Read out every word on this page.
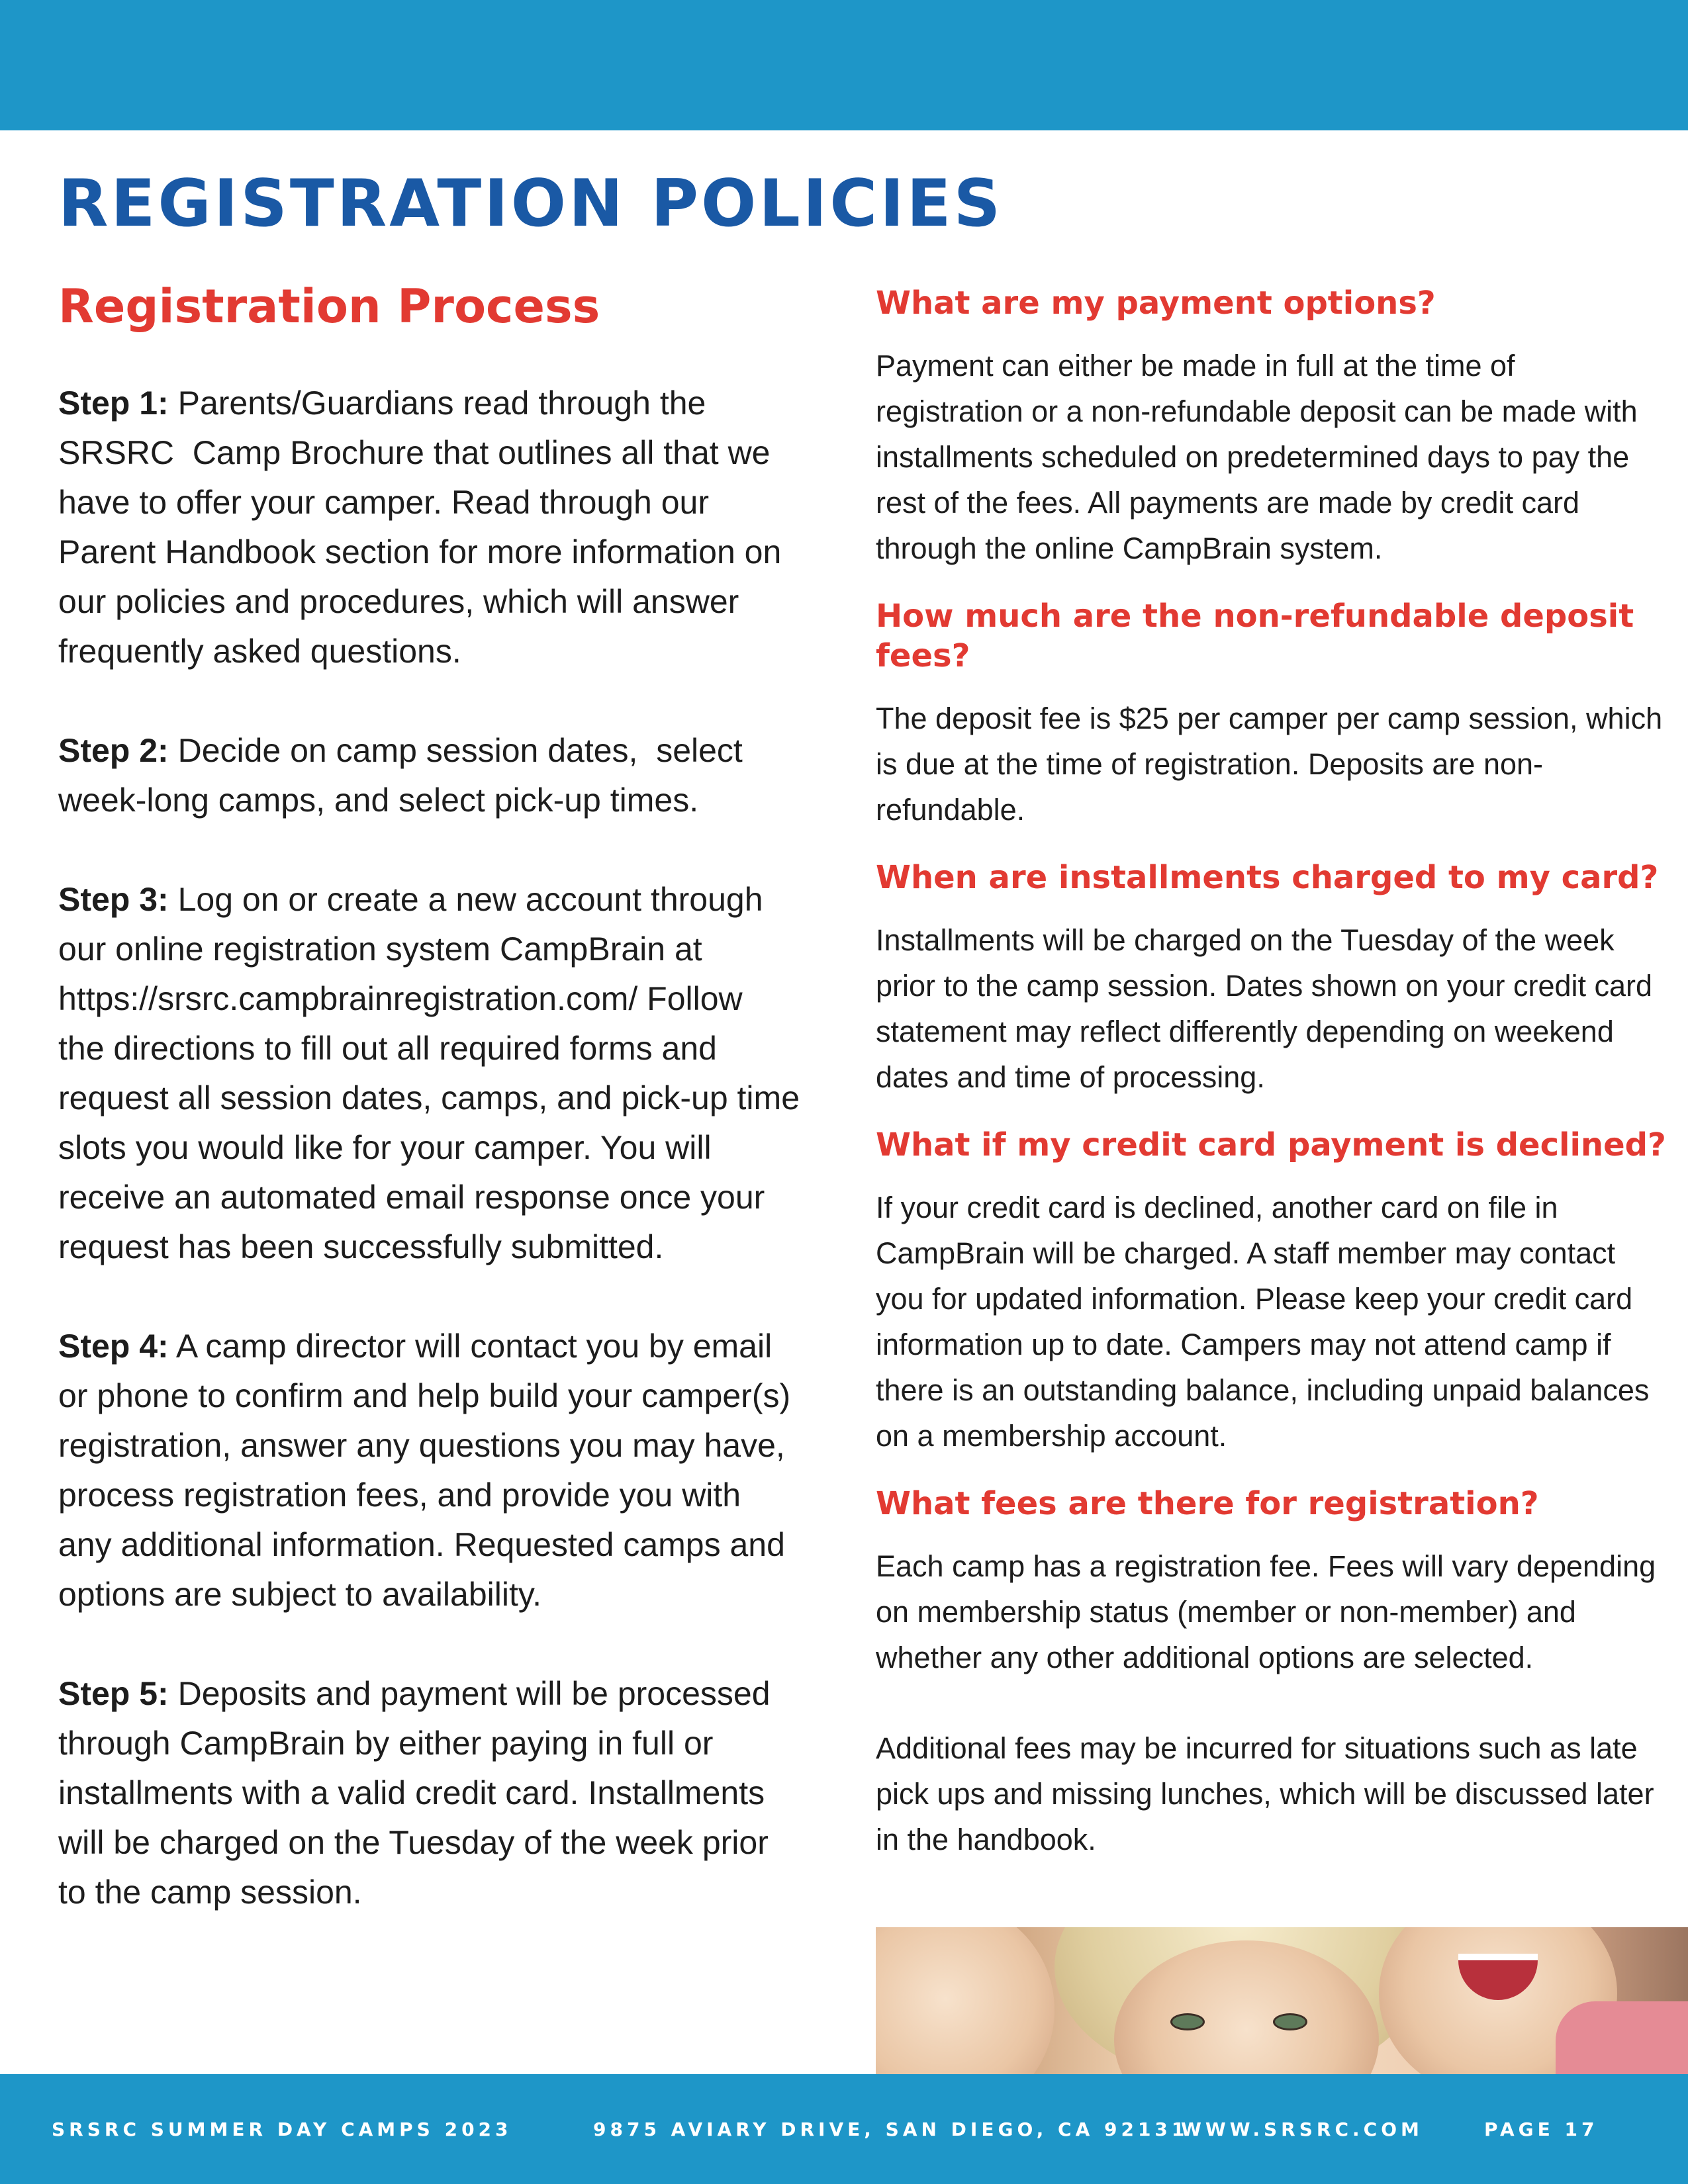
REGISTRATION POLICIES
Registration Process

Step 1: Parents/Guardians read through the SRSRC  Camp Brochure that outlines all that we have to offer your camper. Read through our Parent Handbook section for more information on our policies and procedures, which will answer frequently asked questions.

Step 2: Decide on camp session dates,  select week-long camps, and select pick-up times.

Step 3: Log on or create a new account through our online registration system CampBrain at https://srsrc.campbrainregistration.com/ Follow  the directions to fill out all required forms and request all session dates, camps, and pick-up time slots you would like for your camper. You will receive an automated email response once your request has been successfully submitted.

Step 4: A camp director will contact you by email or phone to confirm and help build your camper(s) registration, answer any questions you may have, process registration fees, and provide you with any additional information. Requested camps and options are subject to availability.

Step 5: Deposits and payment will be processed through CampBrain by either paying in full or installments with a valid credit card. Installments will be charged on the Tuesday of the week prior to the camp session.

What are my payment options?

Payment can either be made in full at the time of registration or a non-refundable deposit can be made with installments scheduled on predetermined days to pay the rest of the fees. All payments are made by credit card through the online CampBrain system.

How much are the non-refundable deposit fees?

The deposit fee is $25 per camper per camp session, which is due at the time of registration. Deposits are non-refundable.

When are installments charged to my card?

Installments will be charged on the Tuesday of the week prior to the camp session. Dates shown on your credit card statement may reflect differently depending on weekend dates and time of processing.

What if my credit card payment is declined?

If your credit card is declined, another card on file in CampBrain will be charged. A staff member may contact you for updated information. Please keep your credit card information up to date. Campers may not attend camp if there is an outstanding balance, including unpaid balances on a membership account.

What fees are there for registration?

Each camp has a registration fee. Fees will vary depending on membership status (member or non-member) and whether any other additional options are selected.

Additional fees may be incurred for situations such as late pick ups and missing lunches, which will be discussed later in the handbook.

SRSRC SUMMER DAY CAMPS 2023	9875 AVIARY DRIVE, SAN DIEGO, CA 92131
WWW.SRSRC.COM	PAGE 17
